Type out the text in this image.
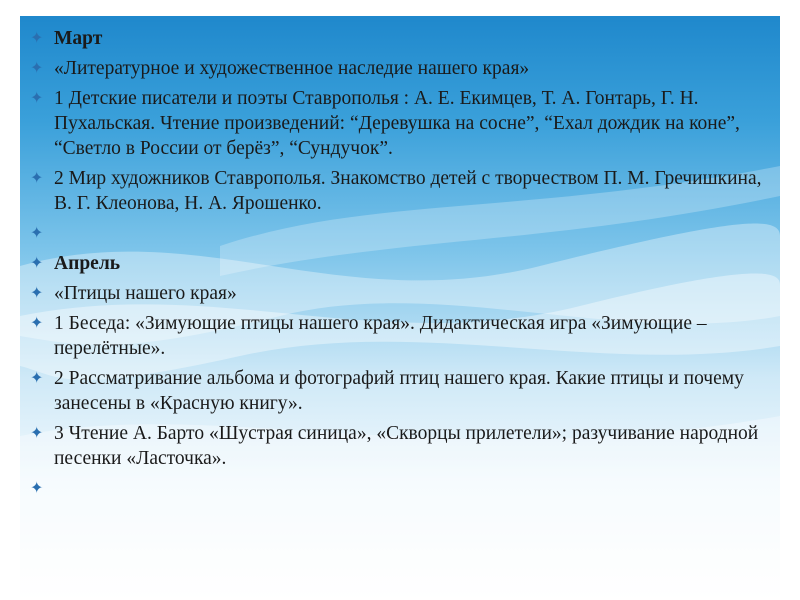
✦ Март
✦ «Литературное и художественное наследие нашего края»
✦ 1 Детские писатели и поэты Ставрополья : А. Е. Екимцев, Т. А. Гонтарь, Г. Н. Пухальская. Чтение произведений: “Деревушка на сосне”, “Ехал дождик на коне”, “Светло в России от берёз”, “Сундучок”.
✦ 2 Мир художников Ставрополья. Знакомство детей с творчеством П. М. Гречишкина, В. Г. Клеонова, Н. А. Ярошенко.
✦
✦ Апрель
✦ «Птицы нашего края»
✦ 1 Беседа: «Зимующие птицы нашего края». Дидактическая игра «Зимующие – перелётные».
✦ 2 Рассматривание альбома и фотографий птиц нашего края. Какие птицы и почему занесены в «Красную книгу».
✦ 3 Чтение А. Барто «Шустрая синица», «Скворцы прилетели»; разучивание народной песенки «Ласточка».
✦
